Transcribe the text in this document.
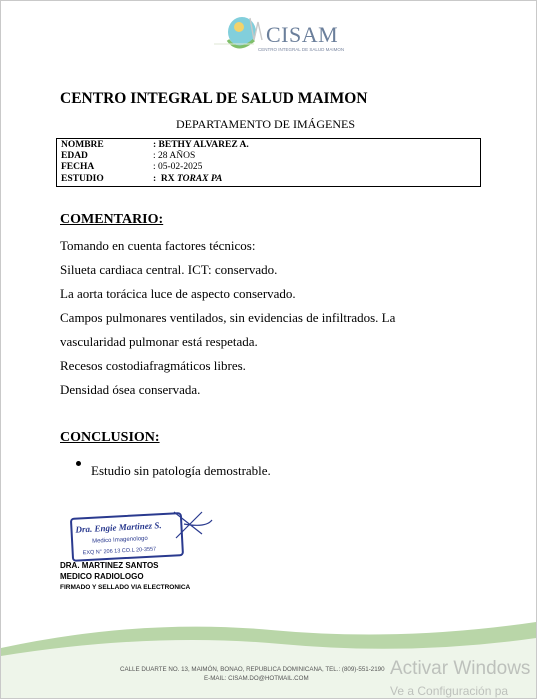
CISAM
CENTRO INTEGRAL DE SALUD MAIMON
CENTRO INTEGRAL DE SALUD MAIMON
DEPARTAMENTO DE IMÁGENES
NOMBRE	: BETHY ALVAREZ A.
EDAD	: 28 AÑOS
FECHA	: 05-02-2025
ESTUDIO	:  RX TORAX PA
COMENTARIO:
Tomando en cuenta factores técnicos:
Silueta cardiaca central. ICT: conservado.
La aorta torácica luce de aspecto conservado.
Campos pulmonares ventilados, sin evidencias de infiltrados. La
vascularidad pulmonar está respetada.
Recesos costodiafragmáticos libres.
Densidad ósea conservada.
CONCLUSION:
Estudio sin patología demostrable.
Dra. Engie Martinez S.
Medico Imagenologo
EXQ N° 206 13 CO.L 20-3557
DRA. MARTINEZ SANTOS
MEDICO RADIOLOGO
FIRMADO Y SELLADO VIA ELECTRONICA
CALLE DUARTE NO. 13, MAIMÓN, BONAO, REPUBLICA DOMINICANA, TEL.: (809)-551-2190
E-MAIL: CISAM.DO@HOTMAIL.COM	Activar Windows
Ve a Configuración pa
